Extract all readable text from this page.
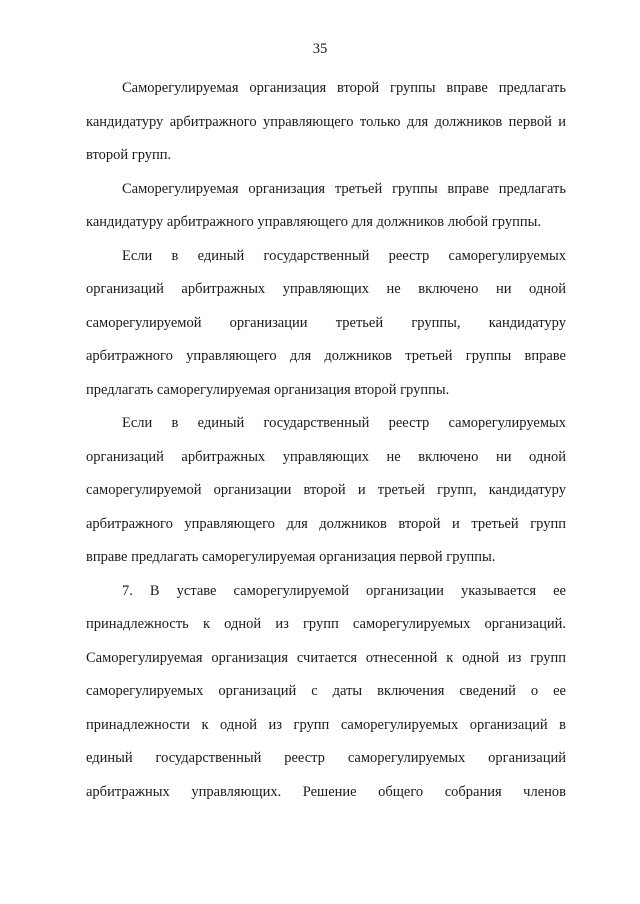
35
Саморегулируемая организация второй группы вправе предлагать
кандидатуру арбитражного управляющего только для должников первой и
второй групп.
Саморегулируемая организация третьей группы вправе предлагать
кандидатуру арбитражного управляющего для должников любой группы.
Если в единый государственный реестр саморегулируемых
организаций арбитражных управляющих не включено ни одной
саморегулируемой организации третьей группы, кандидатуру
арбитражного управляющего для должников третьей группы вправе
предлагать саморегулируемая организация второй группы.
Если в единый государственный реестр саморегулируемых
организаций арбитражных управляющих не включено ни одной
саморегулируемой организации второй и третьей групп, кандидатуру
арбитражного управляющего для должников второй и третьей групп
вправе предлагать саморегулируемая организация первой группы.
7. В уставе саморегулируемой организации указывается ее
принадлежность к одной из групп саморегулируемых организаций.
Саморегулируемая организация считается отнесенной к одной из групп
саморегулируемых организаций с даты включения сведений о ее
принадлежности к одной из групп саморегулируемых организаций в
единый государственный реестр саморегулируемых организаций
арбитражных управляющих. Решение общего собрания членов
